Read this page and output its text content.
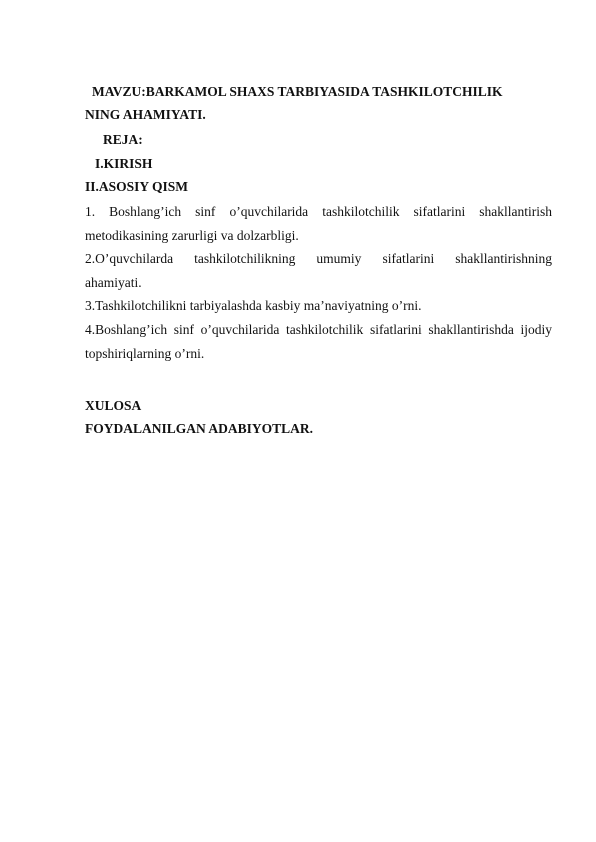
MAVZU:BARKAMOL SHAXS TARBIYASIDA TASHKILOTCHILIK
NING AHAMIYATI.
REJA:
I.KIRISH
II.ASOSIY QISM
1. Boshlang’ich sinf o’quvchilarida tashkilotchilik sifatlarini shakllantirish
metodikasining zarurligi va dolzarbligi.
2.O’quvchilarda tashkilotchilikning umumiy sifatlarini shakllantirishning
ahamiyati.
3.Tashkilotchilikni tarbiyalashda kasbiy ma’naviyatning o’rni.
4.Boshlang’ich sinf o’quvchilarida tashkilotchilik sifatlarini shakllantirishda ijodiy
topshiriqlarning o’rni.
XULOSA
FOYDALANILGAN ADABIYOTLAR.
